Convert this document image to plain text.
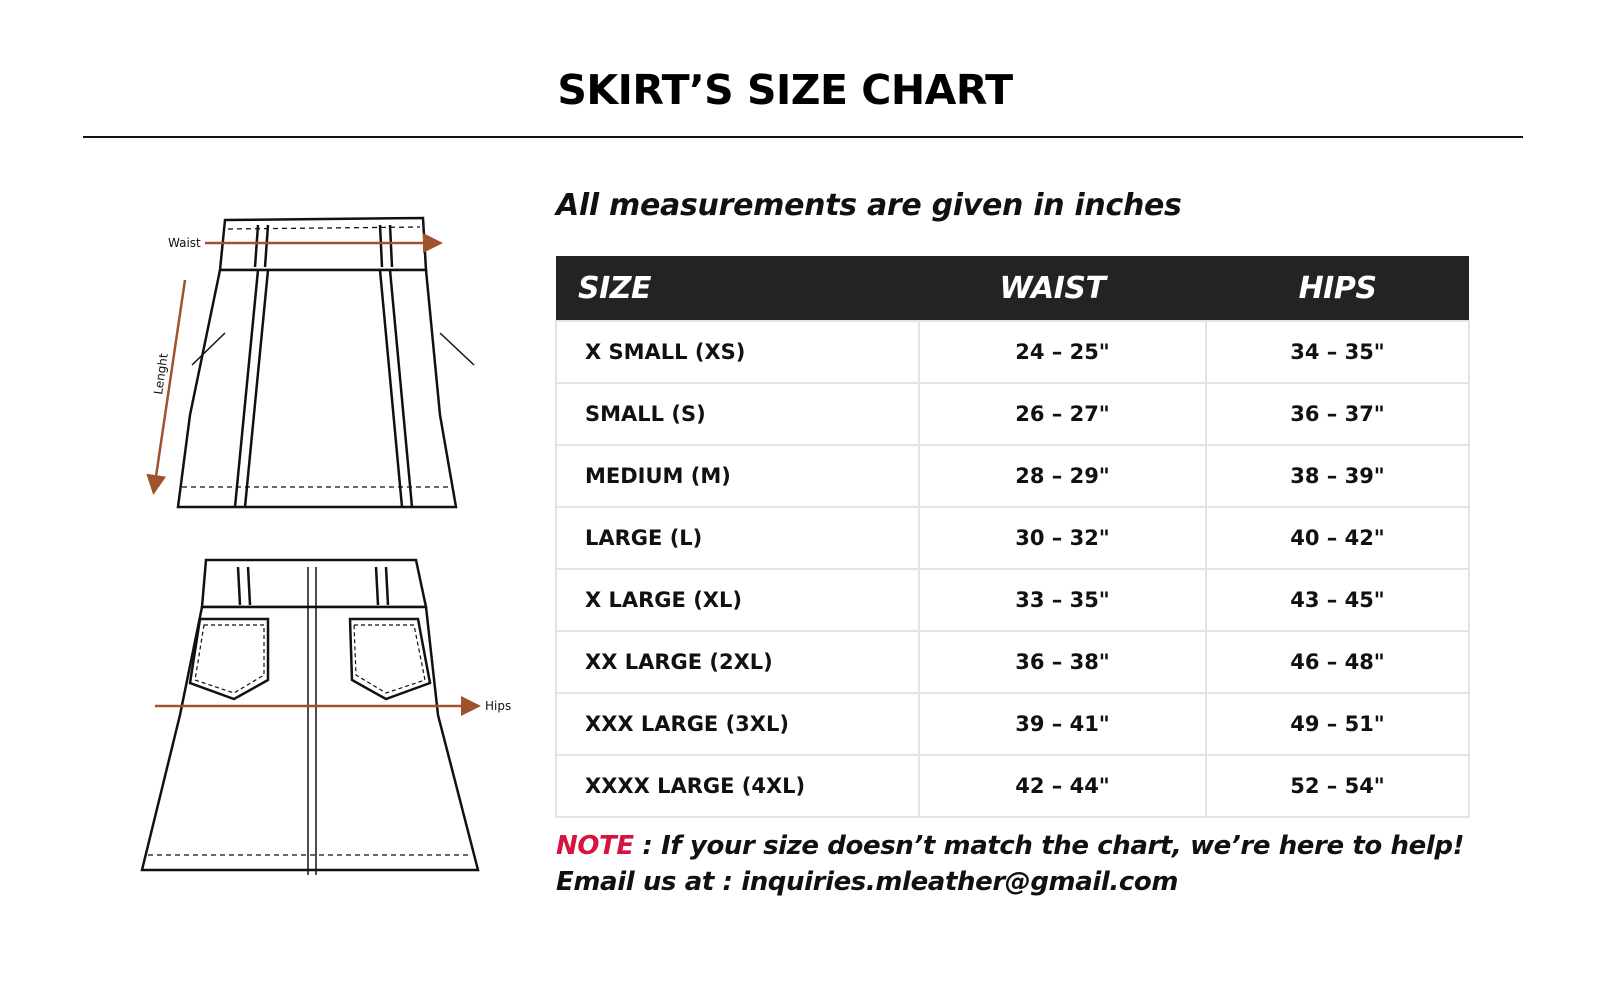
SKIRT’S SIZE CHART
Waist
Lenght
Hips
All measurements are given in inches
SIZE	WAIST	HIPS
X SMALL (XS)	24 – 25"	34 – 35"
SMALL (S)	26 – 27"	36 – 37"
MEDIUM (M)	28 – 29"	38 – 39"
LARGE (L)	30 – 32"	40 – 42"
X LARGE (XL)	33 – 35"	43 – 45"
XX LARGE (2XL)	36 – 38"	46 – 48"
XXX LARGE (3XL)	39 – 41"	49 – 51"
XXXX LARGE (4XL)	42 – 44"	52 – 54"
NOTE : If your size doesn’t match the chart, we’re here to help!
Email us at : inquiries.mleather@gmail.com
